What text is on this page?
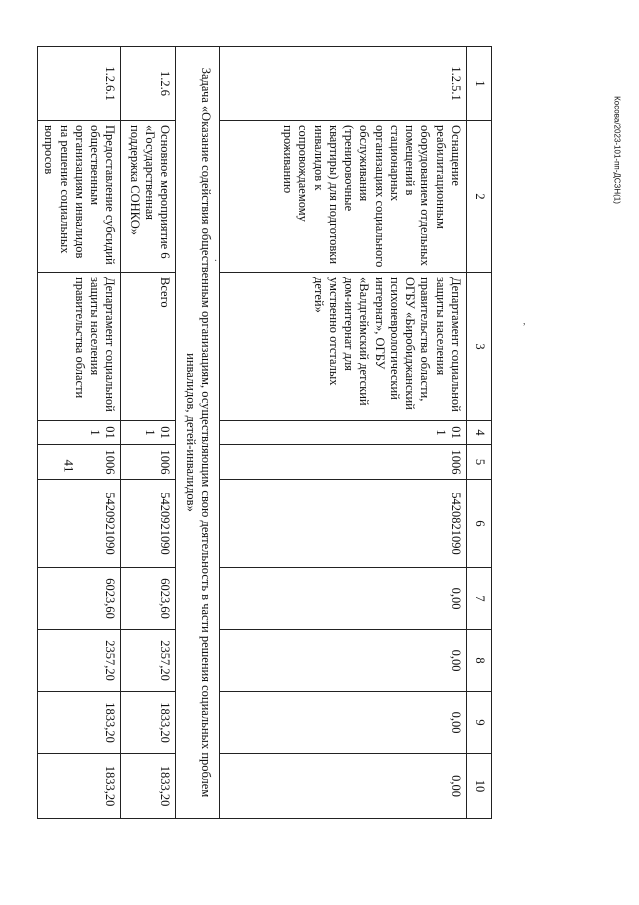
41
Косова/2023-101-пп-ДСЗН(1)
·
,
1	2	3	4	5	6	7	8	9	10
1.2.5.1	Оснащение реабилитационным оборудованием отдельных помещений в стационарных организациях социального обслуживания (тренировочные квартиры) для подготовки инвалидов к сопровождаемому проживанию	Департамент социальной защиты населения правительства области, ОГБУ «Биробиджанский психоневрологический интернат», ОГБУ «Валдгеймский детский дом-интернат для умственно отсталых детей»	011	1006	5420821090	0,00	0,00	0,00	0,00
Задача «Оказание содействия общественным организациям, осуществляющим свою деятельность в части решения социальных проблем инвалидов, детей-инвалидов»									
1.2.6	Основное мероприятие 6 «Государственная поддержка СОНКО»	Всего	011	1006	5420921090	6023,60	2357,20	1833,20	1833,20
1.2.6.1	Предоставление субсидий общественным организациям инвалидов на решение социальных вопросов	Департамент социальной защиты населения правительства области	011	1006	5420921090	6023,60	2357,20	1833,20	1833,20
